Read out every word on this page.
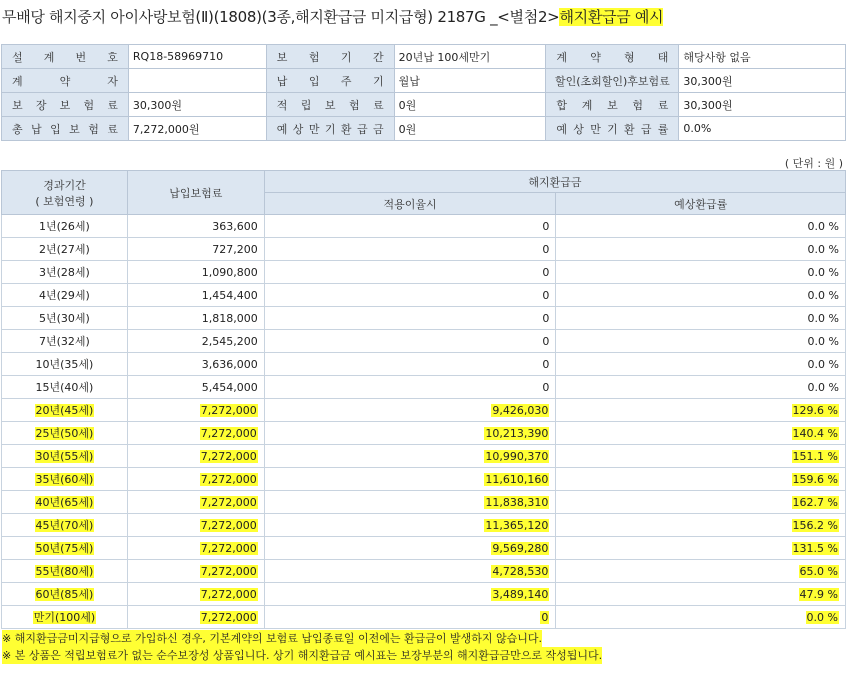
무배당 해지중지 아이사랑보험(Ⅱ)(1808)(3종,해지환급금 미지급형) 2187G _<별첨2>해지환급금 예시
설 계 번 호	RQ18-58969710	보 험 기 간	20년납 100세만기	계 약 형 태	해당사항 없음
계 약 자		납 입 주 기	월납	할인(초회할인)후보험료	30,300원
보 장 보 험 료	30,300원	적 립 보 험 료	0원	합 계 보 험 료	30,300원
총 납 입 보 험 료	7,272,000원	예 상 만 기 환 급 금	0원	예 상 만 기 환 급 률	0.0%
( 단위 : 원 )
경과기간
( 보험연령 )	납입보험료	해지환급금	
		적용이율시	예상환급률
1년(26세)	363,600	0	0.0 %
2년(27세)	727,200	0	0.0 %
3년(28세)	1,090,800	0	0.0 %
4년(29세)	1,454,400	0	0.0 %
5년(30세)	1,818,000	0	0.0 %
7년(32세)	2,545,200	0	0.0 %
10년(35세)	3,636,000	0	0.0 %
15년(40세)	5,454,000	0	0.0 %
20년(45세)	7,272,000	9,426,030	129.6 %
25년(50세)	7,272,000	10,213,390	140.4 %
30년(55세)	7,272,000	10,990,370	151.1 %
35년(60세)	7,272,000	11,610,160	159.6 %
40년(65세)	7,272,000	11,838,310	162.7 %
45년(70세)	7,272,000	11,365,120	156.2 %
50년(75세)	7,272,000	9,569,280	131.5 %
55년(80세)	7,272,000	4,728,530	65.0 %
60년(85세)	7,272,000	3,489,140	47.9 %
만기(100세)	7,272,000	0	0.0 %
※ 해지환급금미지급형으로 가입하신 경우, 기본계약의 보험료 납입종료일 이전에는 환급금이 발생하지 않습니다.
※ 본 상품은 적립보험료가 없는 순수보장성 상품입니다. 상기 해지환급금 예시표는 보장부분의 해지환급금만으로 작성됩니다.
